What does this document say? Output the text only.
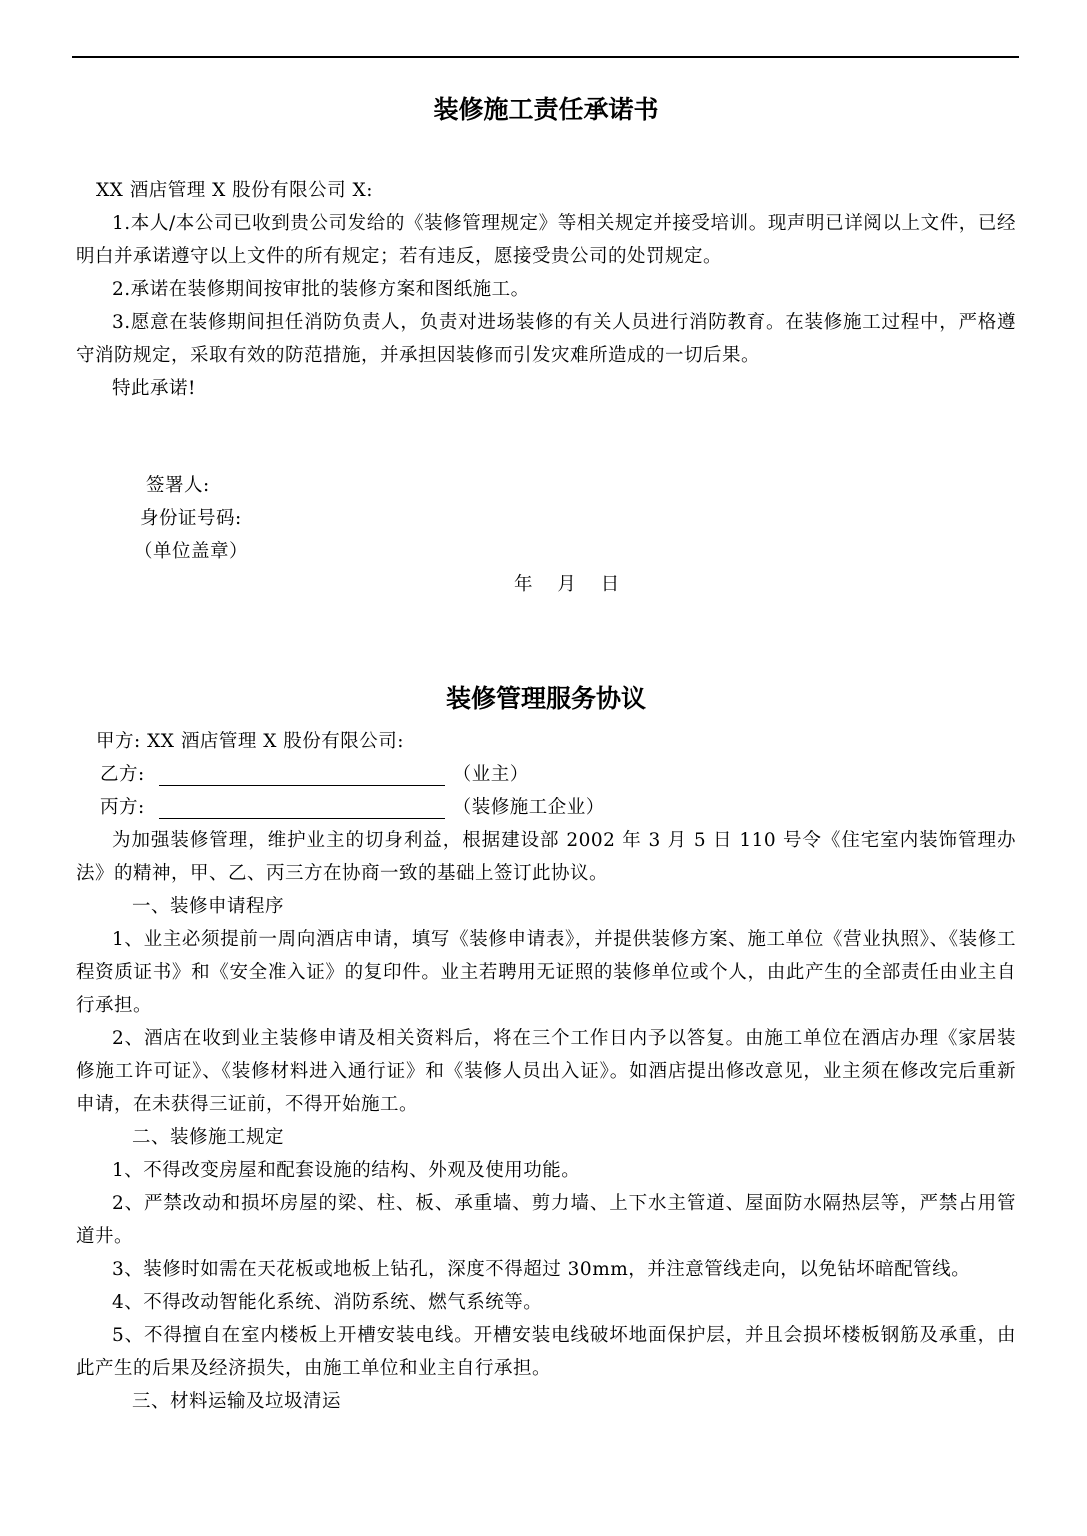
装修施工责任承诺书

XX 酒店管理 X 股份有限公司 X:

1.本人/本公司已收到贵公司发给的《装修管理规定》等相关规定并接受培训。现声明已详阅以上文件，已经明白并承诺遵守以上文件的所有规定；若有违反，愿接受贵公司的处罚规定。

2.承诺在装修期间按审批的装修方案和图纸施工。

3.愿意在装修期间担任消防负责人，负责对进场装修的有关人员进行消防教育。在装修施工过程中，严格遵守消防规定，采取有效的防范措施，并承担因装修而引发灾难所造成的一切后果。

特此承诺!

签署人:

身份证号码:

（单位盖章）

年 月 日

装修管理服务协议

甲方: XX 酒店管理 X 股份有限公司:

乙方:	（业主）
丙方:	（装修施工企业）

为加强装修管理，维护业主的切身利益，根据建设部 2002 年 3 月 5 日 110 号令《住宅室内装饰管理办法》的精神，甲、乙、丙三方在协商一致的基础上签订此协议。

一、装修申请程序

1、业主必须提前一周向酒店申请，填写《装修申请表》，并提供装修方案、施工单位《营业执照》、《装修工程资质证书》和《安全准入证》的复印件。业主若聘用无证照的装修单位或个人，由此产生的全部责任由业主自行承担。

2、酒店在收到业主装修申请及相关资料后，将在三个工作日内予以答复。由施工单位在酒店办理《家居装修施工许可证》、《装修材料进入通行证》和《装修人员出入证》。如酒店提出修改意见，业主须在修改完后重新申请，在未获得三证前，不得开始施工。

二、装修施工规定

1、不得改变房屋和配套设施的结构、外观及使用功能。

2、严禁改动和损坏房屋的梁、柱、板、承重墙、剪力墙、上下水主管道、屋面防水隔热层等，严禁占用管道井。

3、装修时如需在天花板或地板上钻孔，深度不得超过 30mm，并注意管线走向，以免钻坏暗配管线。

4、不得改动智能化系统、消防系统、燃气系统等。

5、不得擅自在室内楼板上开槽安装电线。开槽安装电线破坏地面保护层，并且会损坏楼板钢筋及承重，由此产生的后果及经济损失，由施工单位和业主自行承担。

三、材料运输及垃圾清运
